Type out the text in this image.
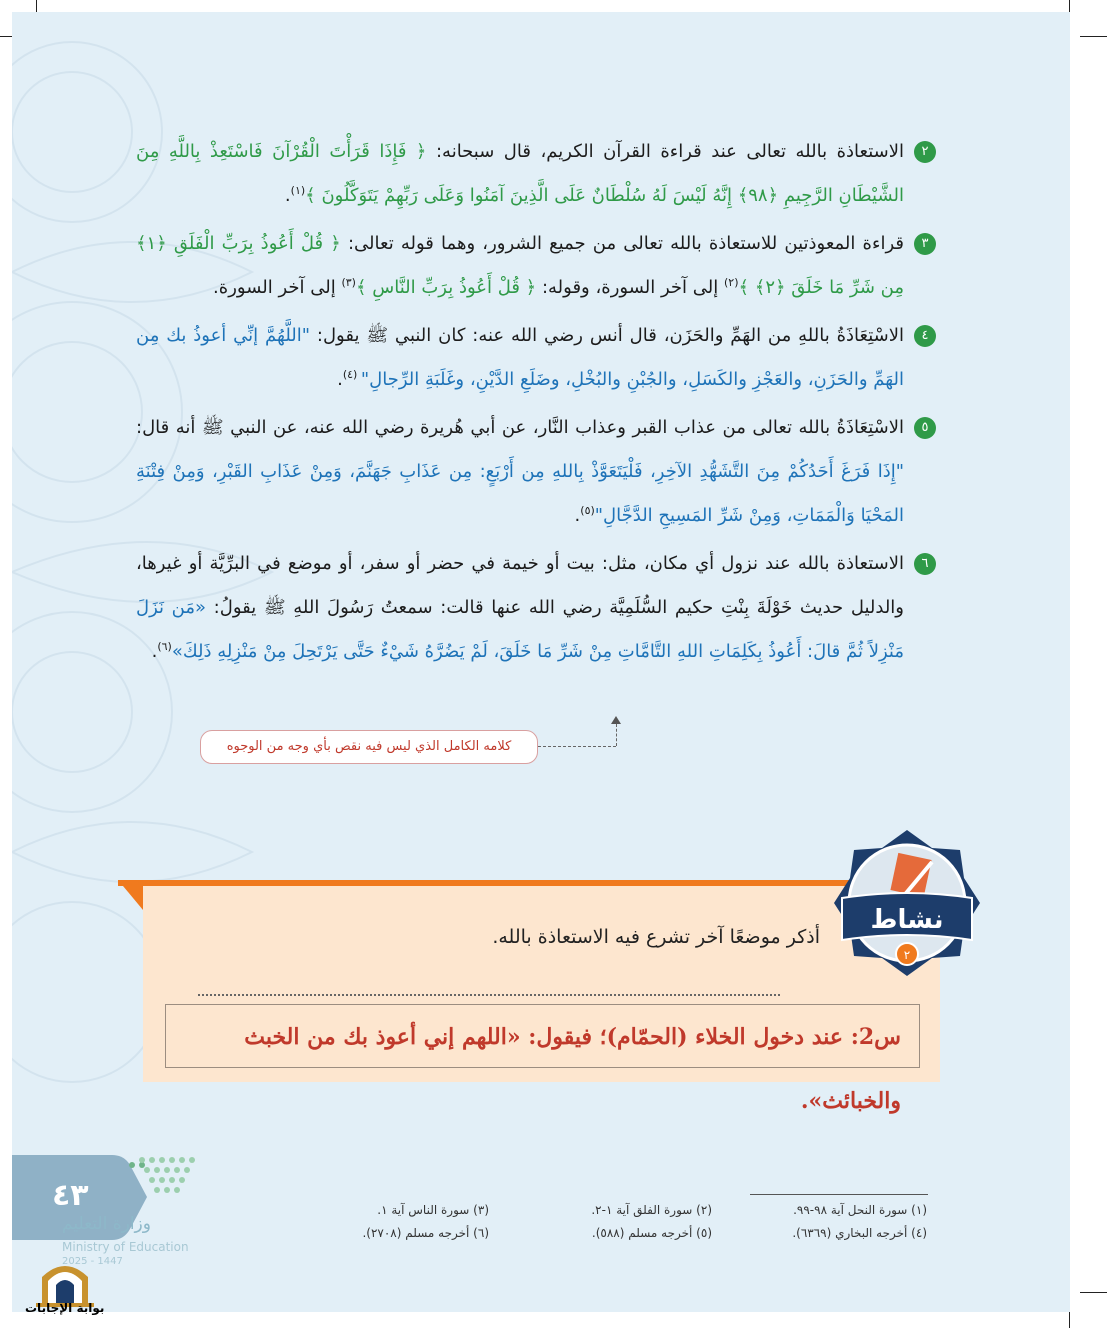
٢
الاستعاذة بالله تعالى عند قراءة القرآن الكريم، قال سبحانه: ﴿ فَإِذَا قَرَأْتَ الْقُرْآنَ فَاسْتَعِذْ بِاللَّهِ مِنَ الشَّيْطَانِ الرَّجِيمِ ﴿٩٨﴾ إِنَّهُ لَيْسَ لَهُ سُلْطَانٌ عَلَى الَّذِينَ آمَنُوا وَعَلَى رَبِّهِمْ يَتَوَكَّلُونَ ﴾$^{(١)}$.
٣
قراءة المعوذتين للاستعاذة بالله تعالى من جميع الشرور، وهما قوله تعالى: ﴿ قُلْ أَعُوذُ بِرَبِّ الْفَلَقِ ﴿١﴾ مِن شَرِّ مَا خَلَقَ ﴿٢﴾ ﴾$^{(٢)}$ إلى آخر السورة، وقوله: ﴿ قُلْ أَعُوذُ بِرَبِّ النَّاسِ ﴾$^{(٣)}$ إلى آخر السورة.
٤
الاسْتِعَاذَةُ باللهِ من الهَمِّ والحَزَن، قال أنس رضي الله عنه: كان النبي ﷺ يقول: "اللَّهُمَّ إنِّي أعوذُ بك مِن الهَمِّ والحَزَنِ، والعَجْزِ والكَسَلِ، والجُبْنِ والبُخْلِ، وضَلَعِ الدَّيْنِ، وغَلَبَةِ الرِّجالِ" $^{(٤)}$.
٥
الاسْتِعَاذَةُ بالله تعالى من عذاب القبر وعذاب النَّار، عن أبي هُريرة رضي الله عنه، عن النبي ﷺ أنه قال: "إِذَا فَرَغَ أَحَدُكُمْ مِنَ التَّشَهُّدِ الآخِرِ، فَلْيَتَعَوَّذْ بِاللهِ مِن أَرْبَعٍ: مِن عَذَابِ جَهَنَّمَ، وَمِنْ عَذَابِ القَبْرِ، وَمِنْ فِتْنَةِ المَحْيَا وَالْمَمَاتِ، وَمِنْ شَرِّ المَسِيحِ الدَّجَّالِ"$^{(٥)}$.
٦
الاستعاذة بالله عند نزول أي مكان، مثل: بيت أو خيمة في حضر أو سفر، أو موضع في البرِّيَّة أو غيرها، والدليل حديث خَوْلَةَ بِنْتِ حكيم السُّلَمِيَّة رضي الله عنها قالت: سمعتُ رَسُولَ اللهِ ﷺ يقولُ: «مَن نَزَلَ مَنْزِلاً ثُمَّ قالَ: أَعُوذُ بِكَلِمَاتِ اللهِ التَّامَّاتِ مِنْ شَرِّ مَا خَلَقَ، لَمْ يَضُرَّهُ شَيْءٌ حَتَّى يَرْتَحِلَ مِنْ مَنْزِلِهِ ذَلِكَ»$^{(٦)}$.
كلامه الكامل الذي ليس فيه نقص بأي وجه من الوجوه
أذكر موضعًا آخر تشرع فيه الاستعاذة بالله.
س2: عند دخول الخلاء (الحمّام)؛ فيقول: «اللهم إني أعوذ بك من الخبث والخبائث».
نشاط
٢
(١) سورة النحل آية ٩٨-٩٩.
(٤) أخرجه البخاري (٦٣٦٩).
(٢) سورة الفلق آية ١-٢.
(٥) أخرجه مسلم (٥٨٨).
(٣) سورة الناس آية ١.
(٦) أخرجه مسلم (٢٧٠٨).
٤٣
وزارة التعليم
Ministry of Education
2025 - 1447
بوابة الإجابات
